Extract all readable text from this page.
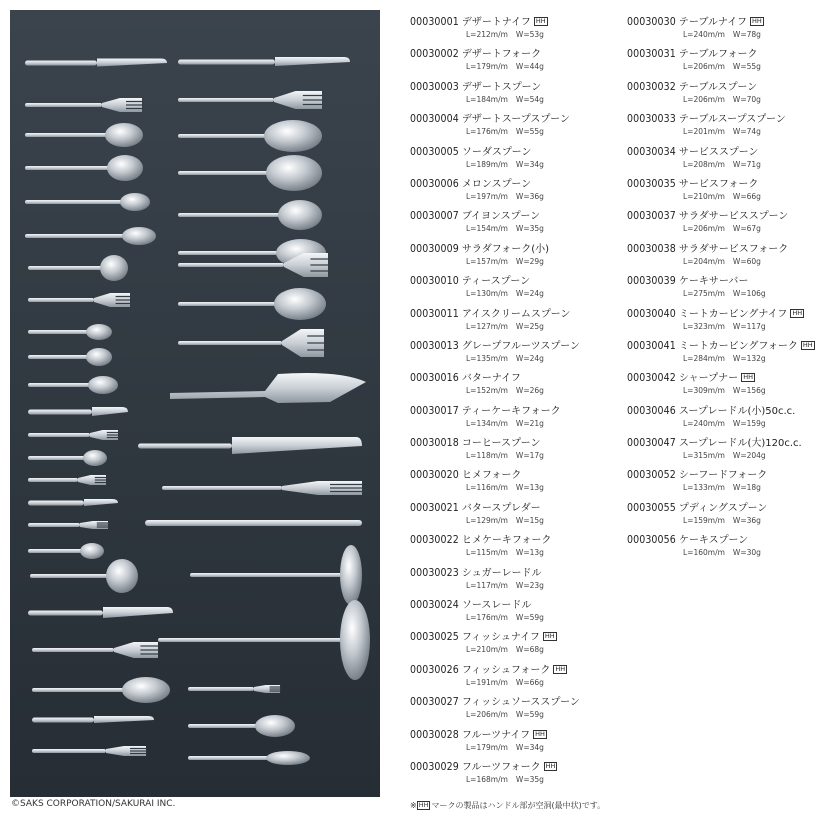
©SAKS CORPORATION/SAKURAI INC.
00030001 デザートナイフ HH
L=212m/m W=53g
00030002 デザートフォーク
L=179m/m W=44g
00030003 デザートスプーン
L=184m/m W=54g
00030004 デザートスープスプーン
L=176m/m W=55g
00030005 ソーダスプーン
L=189m/m W=34g
00030006 メロンスプーン
L=197m/m W=36g
00030007 ブイヨンスプーン
L=154m/m W=35g
00030009 サラダフォーク(小)
L=157m/m W=29g
00030010 ティースプーン
L=130m/m W=24g
00030011 アイスクリームスプーン
L=127m/m W=25g
00030013 グレープフルーツスプーン
L=135m/m W=24g
00030016 バターナイフ
L=152m/m W=26g
00030017 ティーケーキフォーク
L=134m/m W=21g
00030018 コーヒースプーン
L=118m/m W=17g
00030020 ヒメフォーク
L=116m/m W=13g
00030021 バタースプレダー
L=129m/m W=15g
00030022 ヒメケーキフォーク
L=115m/m W=13g
00030023 シュガーレードル
L=117m/m W=23g
00030024 ソースレードル
L=176m/m W=59g
00030025 フィッシュナイフ HH
L=210m/m W=68g
00030026 フィッシュフォーク HH
L=191m/m W=66g
00030027 フィッシュソーススプーン
L=206m/m W=59g
00030028 フルーツナイフ HH
L=179m/m W=34g
00030029 フルーツフォーク HH
L=168m/m W=35g
00030030 テーブルナイフ HH
L=240m/m W=78g
00030031 テーブルフォーク
L=206m/m W=55g
00030032 テーブルスプーン
L=206m/m W=70g
00030033 テーブルスープスプーン
L=201m/m W=74g
00030034 サービススプーン
L=208m/m W=71g
00030035 サービスフォーク
L=210m/m W=66g
00030037 サラダサービススプーン
L=206m/m W=67g
00030038 サラダサービスフォーク
L=204m/m W=60g
00030039 ケーキサーバー
L=275m/m W=106g
00030040 ミートカービングナイフ HH
L=323m/m W=117g
00030041 ミートカービングフォーク HH
L=284m/m W=132g
00030042 シャープナー HH
L=309m/m W=156g
00030046 スープレードル(小)50c.c.
L=240m/m W=159g
00030047 スープレードル(大)120c.c.
L=315m/m W=204g
00030052 シーフードフォーク
L=133m/m W=18g
00030055 プディングスプーン
L=159m/m W=36g
00030056 ケーキスプーン
L=160m/m W=30g
※ HH マークの製品はハンドル部が空洞(最中状)です。
